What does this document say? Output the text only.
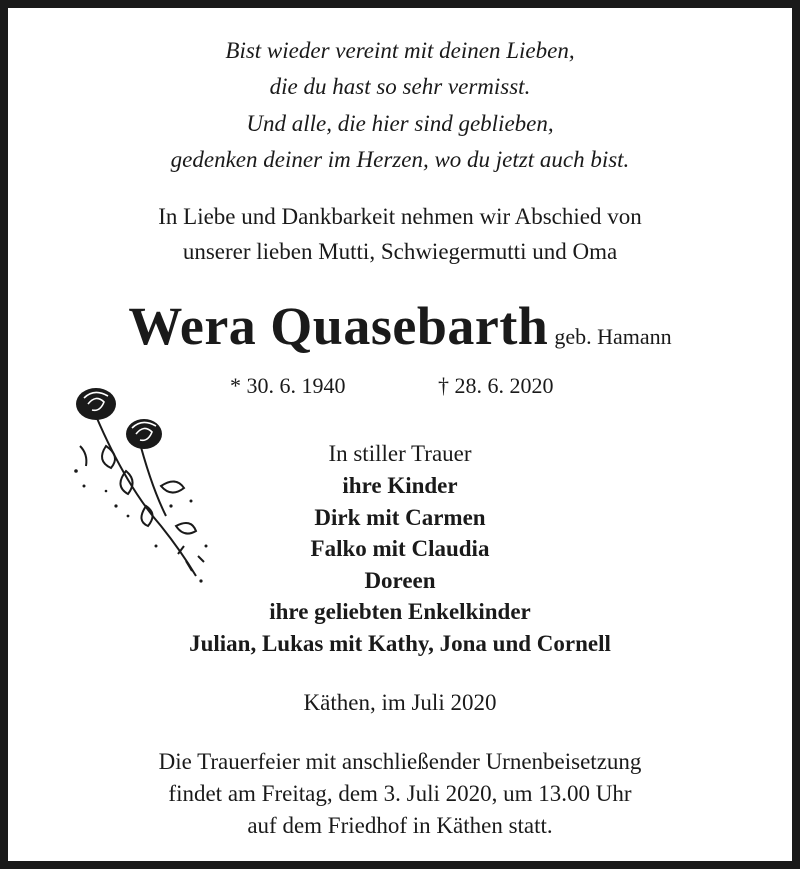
Bist wieder vereint mit deinen Lieben,
die du hast so sehr vermisst.
Und alle, die hier sind geblieben,
gedenken deiner im Herzen, wo du jetzt auch bist.
In Liebe und Dankbarkeit nehmen wir Abschied von
unserer lieben Mutti, Schwiegermutti und Oma
Wera Quasebarth geb. Hamann
* 30. 6. 1940	† 28. 6. 2020
In stiller Trauer
ihre Kinder
Dirk mit Carmen
Falko mit Claudia
Doreen
ihre geliebten Enkelkinder
Julian, Lukas mit Kathy, Jona und Cornell
Käthen, im Juli 2020
Die Trauerfeier mit anschließender Urnenbeisetzung
findet am Freitag, dem 3. Juli 2020, um 13.00 Uhr
auf dem Friedhof in Käthen statt.
